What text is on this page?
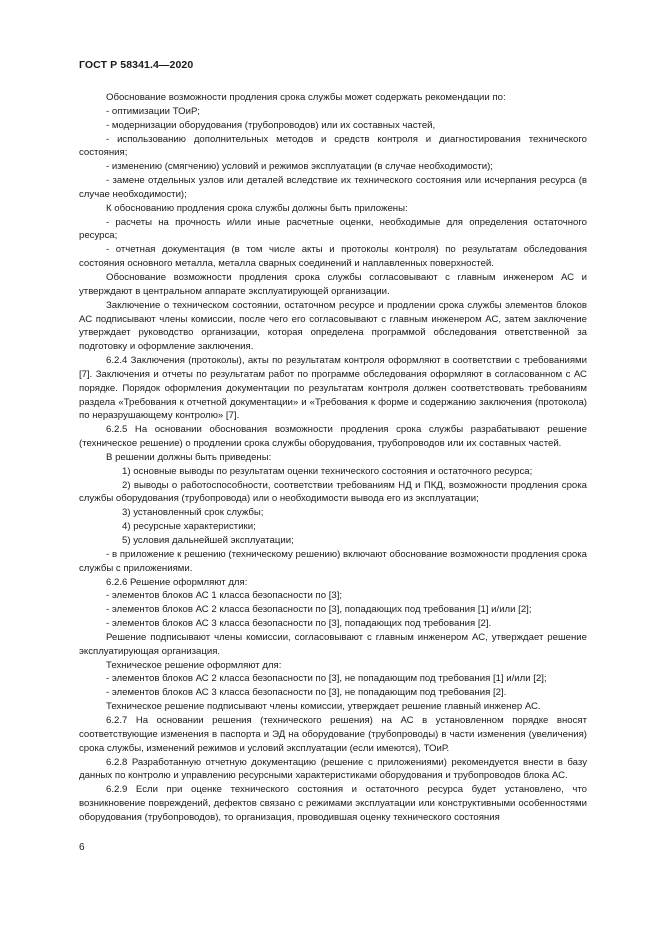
ГОСТ Р 58341.4—2020

Обоснование возможности продления срока службы может содержать рекомендации по:

- оптимизации ТОиР;

- модернизации оборудования (трубопроводов) или их составных частей,

- использованию дополнительных методов и средств контроля и диагностирования технического состояния;

- изменению (смягчению) условий и режимов эксплуатации (в случае необходимости);

- замене отдельных узлов или деталей вследствие их технического состояния или исчерпания ресурса (в случае необходимости);

К обоснованию продления срока службы должны быть приложены:

- расчеты на прочность и/или иные расчетные оценки, необходимые для определения остаточного ресурса;

- отчетная документация (в том числе акты и протоколы контроля) по результатам обследования состояния основного металла, металла сварных соединений и наплавленных поверхностей.

Обоснование возможности продления срока службы согласовывают с главным инженером АС и утверждают в центральном аппарате эксплуатирующей организации.

Заключение о техническом состоянии, остаточном ресурсе и продлении срока службы элементов блоков АС подписывают члены комиссии, после чего его согласовывают с главным инженером АС, затем заключение утверждает руководство организации, которая определена программой обследования ответственной за подготовку и оформление заключения.

6.2.4 Заключения (протоколы), акты по результатам контроля оформляют в соответствии с требованиями [7]. Заключения и отчеты по результатам работ по программе обследования оформляют в согласованном с АС порядке. Порядок оформления документации по результатам контроля должен соответствовать требованиям раздела «Требования к отчетной документации» и «Требования к форме и содержанию заключения (протокола) по неразрушающему контролю» [7].

6.2.5 На основании обоснования возможности продления срока службы разрабатывают решение (техническое решение) о продлении срока службы оборудования, трубопроводов или их составных частей.

В решении должны быть приведены:

1) основные выводы по результатам оценки технического состояния и остаточного ресурса;

2) выводы о работоспособности, соответствии требованиям НД и ПКД, возможности продления срока службы оборудования (трубопровода) или о необходимости вывода его из эксплуатации;

3) установленный срок службы;

4) ресурсные характеристики;

5) условия дальнейшей эксплуатации;

- в приложение к решению (техническому решению) включают обоснование возможности продления срока службы с приложениями.

6.2.6 Решение оформляют для:

- элементов блоков АС 1 класса безопасности по [3];

- элементов блоков АС 2 класса безопасности по [3], попадающих под требования [1] и/или [2];

- элементов блоков АС 3 класса безопасности по [3], попадающих под требования [2].

Решение подписывают члены комиссии, согласовывают с главным инженером АС, утверждает решение эксплуатирующая организация.

Техническое решение оформляют для:

- элементов блоков АС 2 класса безопасности по [3], не попадающим под требования [1] и/или [2];

- элементов блоков АС 3 класса безопасности по [3], не попадающим под требования [2].

Техническое решение подписывают члены комиссии, утверждает решение главный инженер АС.

6.2.7 На основании решения (технического решения) на АС в установленном порядке вносят соответствующие изменения в паспорта и ЭД на оборудование (трубопроводы) в части изменения (увеличения) срока службы, изменений режимов и условий эксплуатации (если имеются), ТОиР.

6.2.8 Разработанную отчетную документацию (решение с приложениями) рекомендуется внести в базу данных по контролю и управлению ресурсными характеристиками оборудования и трубопроводов блока АС.

6.2.9 Если при оценке технического состояния и остаточного ресурса будет установлено, что возникновение повреждений, дефектов связано с режимами эксплуатации или конструктивными особенностями оборудования (трубопроводов), то организация, проводившая оценку технического состояния

6
